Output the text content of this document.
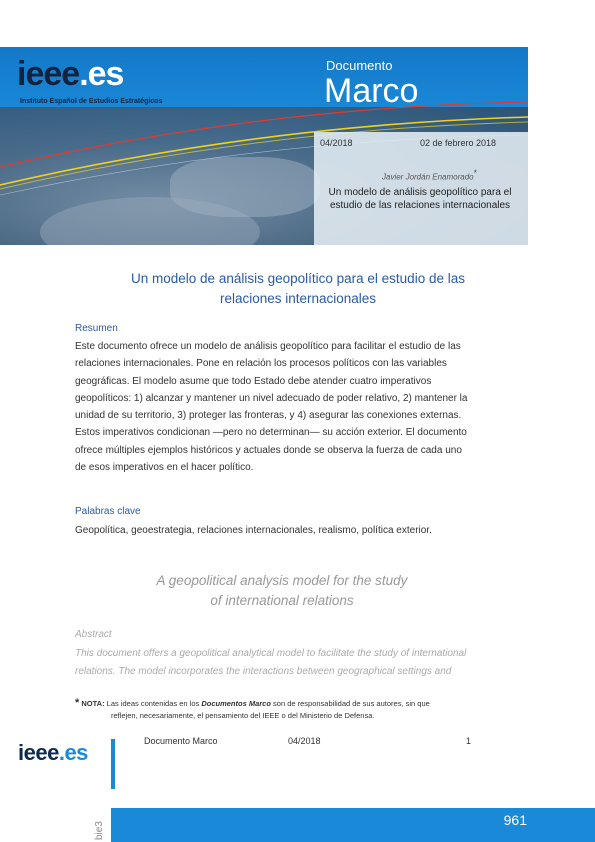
ieee.es
Instituto Español de Estudios Estratégicos
Documento
Marco
04/2018	02 de febrero 2018
Javier Jordán Enamorado*
Un modelo de análisis geopolítico para el estudio de las relaciones internacionales
Un modelo de análisis geopolítico para el estudio de las
relaciones internacionales
Resumen
Este documento ofrece un modelo de análisis geopolítico para facilitar el estudio de las
relaciones internacionales. Pone en relación los procesos políticos con las variables
geográficas. El modelo asume que todo Estado debe atender cuatro imperativos
geopolíticos: 1) alcanzar y mantener un nivel adecuado de poder relativo, 2) mantener la
unidad de su territorio, 3) proteger las fronteras, y 4) asegurar las conexiones externas.
Estos imperativos condicionan —pero no determinan— su acción exterior. El documento
ofrece múltiples ejemplos históricos y actuales donde se observa la fuerza de cada uno
de esos imperativos en el hacer político.
Palabras clave
Geopolítica, geoestrategia, relaciones internacionales, realismo, política exterior.
A geopolitical analysis model for the study
of international relations
Abstract
This document offers a geopolitical analytical model to facilitate the study of international
relations. The model incorporates the interactions between geographical settings and
* NOTA: Las ideas contenidas en los Documentos Marco son de responsabilidad de sus autores, sin que
reflejen, necesariamente, el pensamiento del IEEE o del Ministerio de Defensa.
ieee.es	Documento Marco	04/2018	1
bie3
961
